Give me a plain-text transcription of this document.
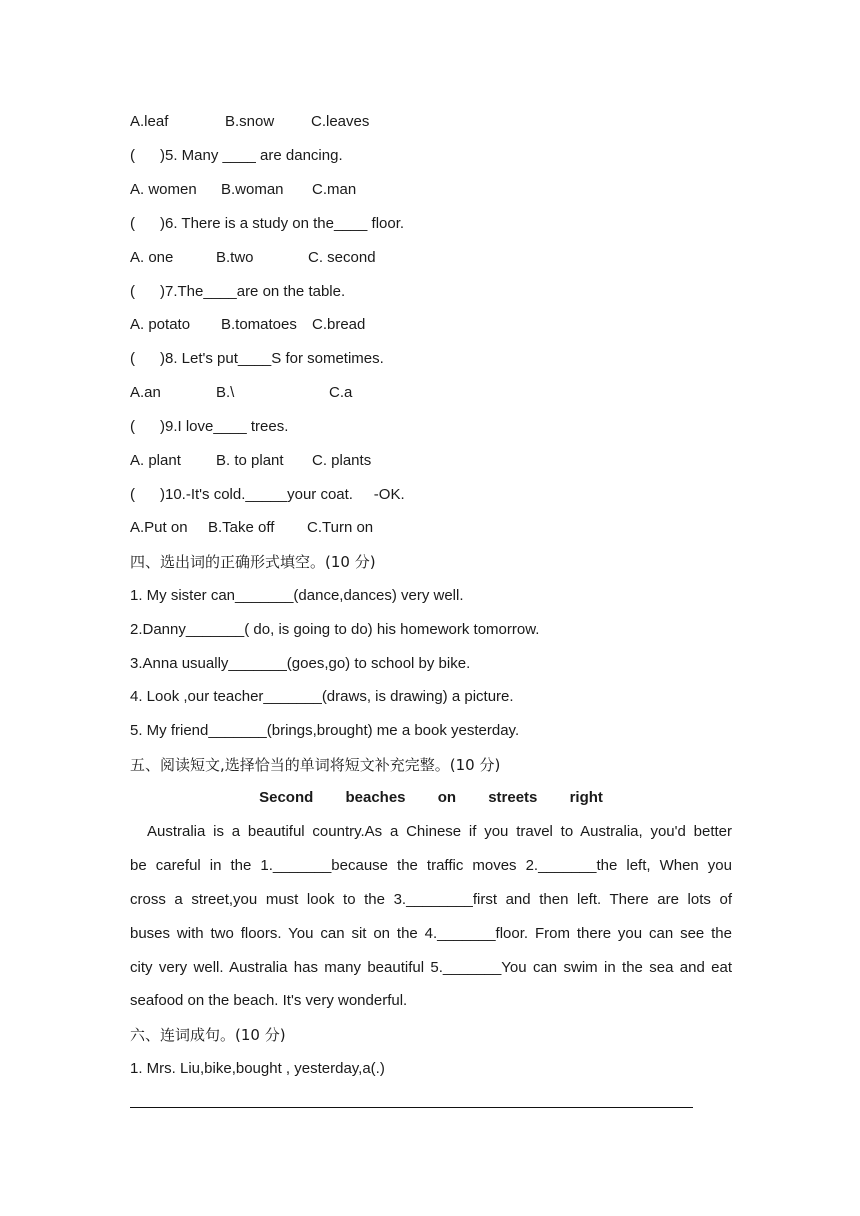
A.leaf	B.snow C.leaves
(      )5. Many ____ are dancing.
A. women B.woman C.man
(      )6. There is a study on the____ floor.
A. one	B.two	C. second
(      )7.The____are on the table.
A. potato B.tomatoes C.bread
(      )8. Let's put____S for sometimes.
A.an	B.\	C.a
(      )9.I love____ trees.
A. plant B. to plant C. plants
(      )10.-It's cold._____your coat.     -OK.
A.Put on B.Take off C.Turn on
四、选出词的正确形式填空。(10 分)
1. My sister can_______(dance,dances) very well.
2.Danny_______( do, is going to do) his homework tomorrow.
3.Anna usually_______(goes,go) to school by bike.
4. Look ,our teacher_______(draws, is drawing) a picture.
5. My friend_______(brings,brought) me a book yesterday.
五、阅读短文,选择恰当的单词将短文补充完整。(10 分)
Second beaches on streets right
Australia is a beautiful country.As a Chinese if you travel to Australia, you'd better
be careful in the 1._______because the traffic moves 2._______the left, When you
cross a street,you must look to the 3.________first and then left. There are lots of
buses with two floors. You can sit on the 4._______floor. From there you can see the
city very well. Australia has many beautiful 5._______You can swim in the sea and eat
seafood on the beach. It's very wonderful.
六、连词成句。(10 分)
1. Mrs. Liu,bike,bought , yesterday,a(.)
